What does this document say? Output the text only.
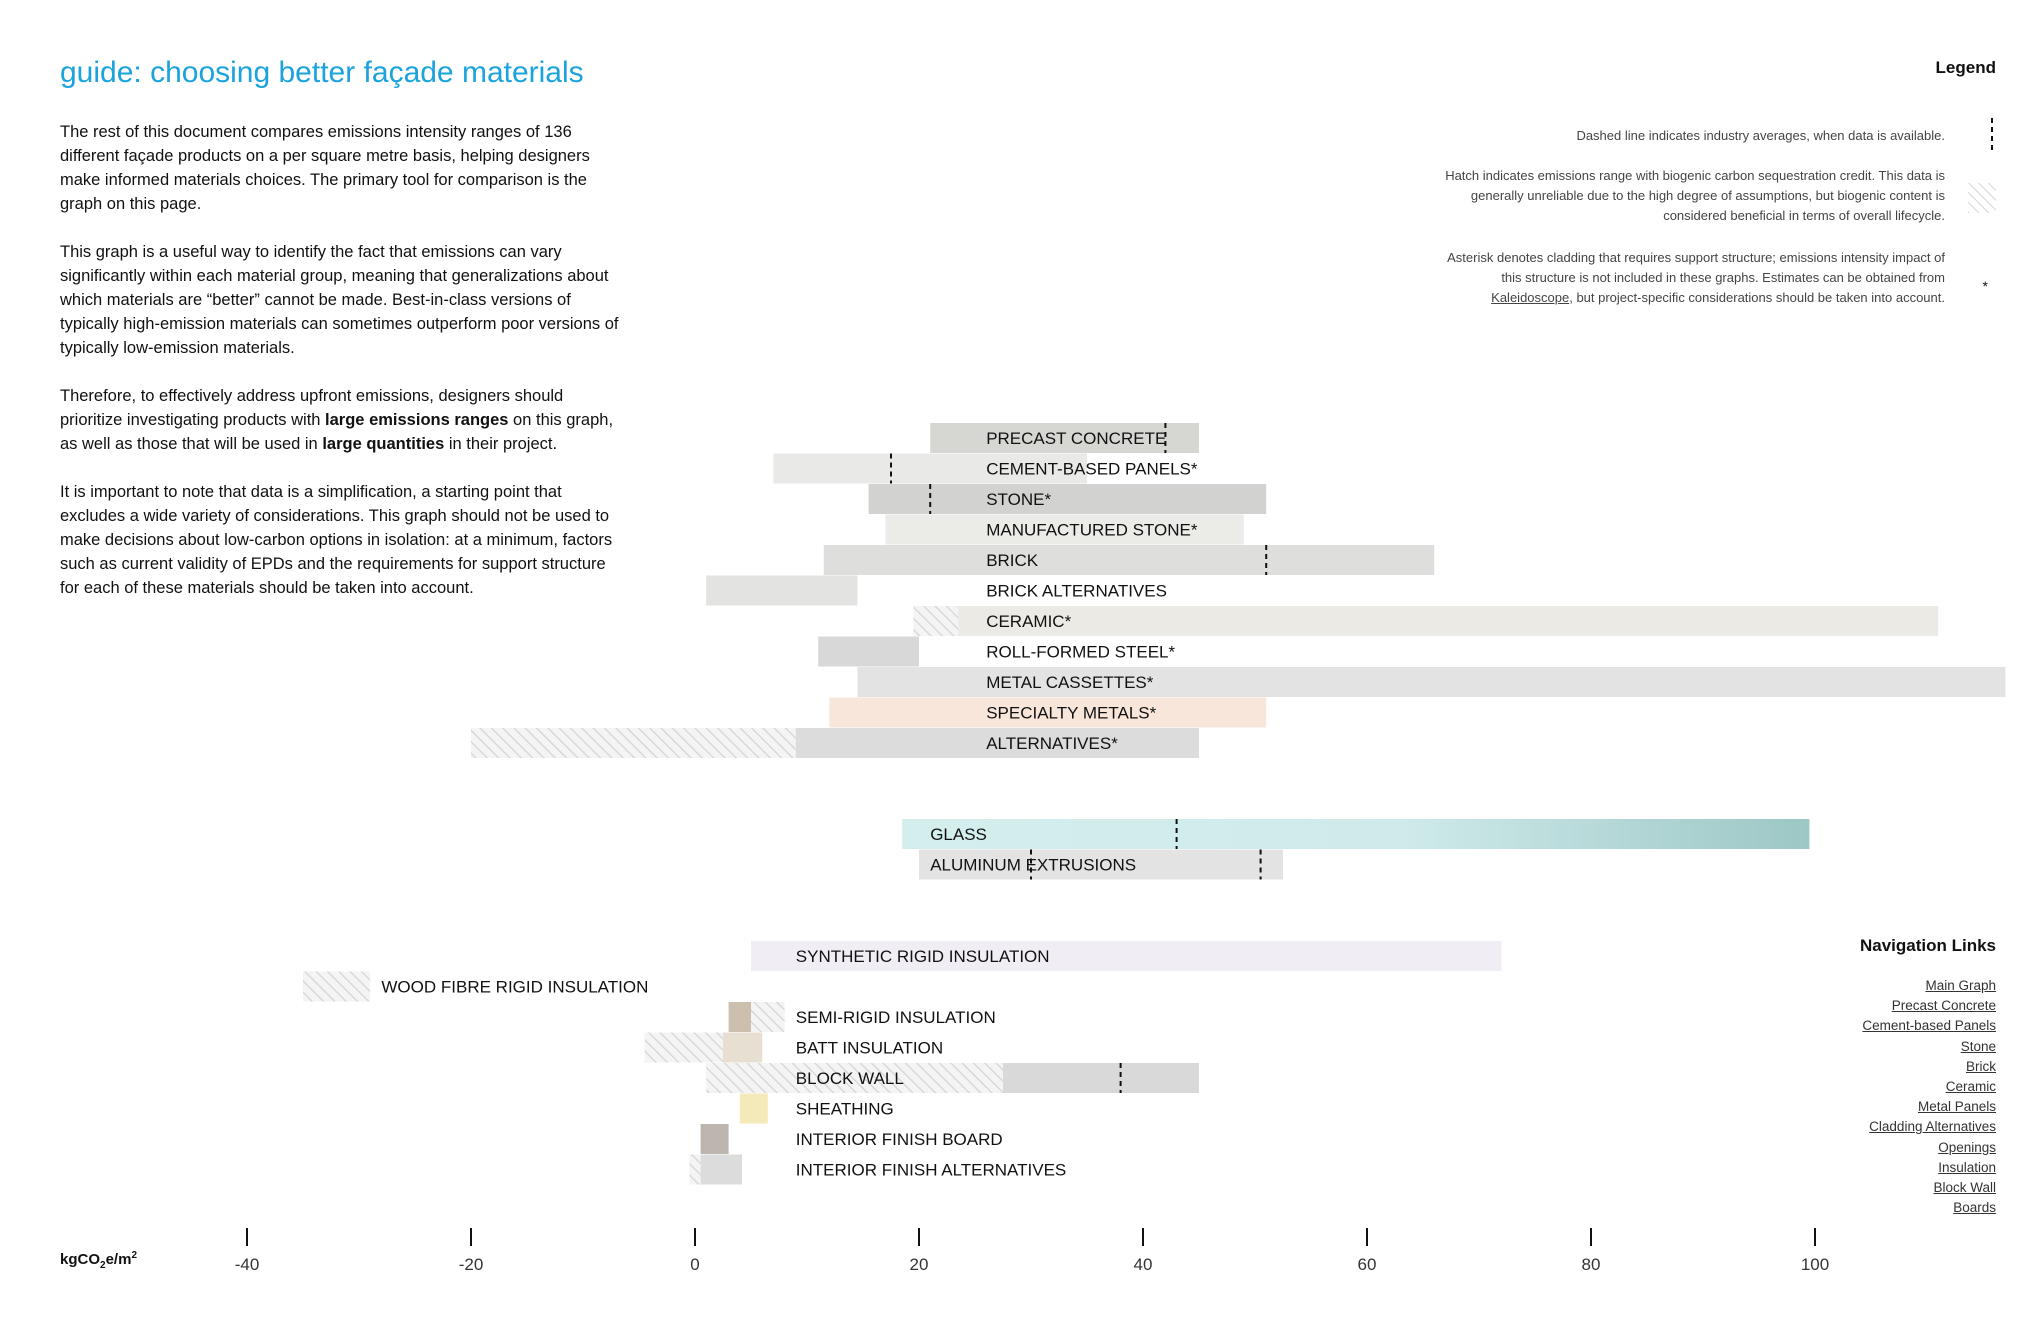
guide: choosing better façade materials

The rest of this document compares emissions intensity ranges of 136 different façade products on a per square metre basis, helping designers make informed materials choices. The primary tool for comparison is the graph on this page.

This graph is a useful way to identify the fact that emissions can vary significantly within each material group, meaning that generalizations about which materials are “better” cannot be made. Best-in-class versions of typically high-emission materials can sometimes outperform poor versions of typically low-emission materials.

Therefore, to effectively address upfront emissions, designers should prioritize investigating products with large emissions ranges on this graph, as well as those that will be used in large quantities in their project.

It is important to note that data is a simplification, a starting point that excludes a wide variety of considerations. This graph should not be used to make decisions about low-carbon options in isolation: at a minimum, factors such as current validity of EPDs and the requirements for support structure for each of these materials should be taken into account.

Legend
Dashed line indicates industry averages, when data is available.
Hatch indicates emissions range with biogenic carbon sequestration credit. This data is generally unreliable due to the high degree of assumptions, but biogenic content is considered beneficial in terms of overall lifecycle.
Asterisk denotes cladding that requires support structure; emissions intensity impact of this structure is not included in these graphs. Estimates can be obtained from Kaleidoscope, but project-specific considerations should be taken into account.
*
Navigation Links
Main Graph
Precast Concrete
Cement-based Panels
Stone
Brick
Ceramic
Metal Panels
Cladding Alternatives
Openings
Insulation
Block Wall
Boards
PRECAST CONCRETE
CEMENT-BASED PANELS*
STONE*
MANUFACTURED STONE*
BRICK
BRICK ALTERNATIVES
CERAMIC*
ROLL-FORMED STEEL*
METAL CASSETTES*
SPECIALTY METALS*
ALTERNATIVES*
GLASS
ALUMINUM EXTRUSIONS
SYNTHETIC RIGID INSULATION
WOOD FIBRE RIGID INSULATION
SEMI-RIGID INSULATION
BATT INSULATION
BLOCK WALL
SHEATHING
INTERIOR FINISH BOARD
INTERIOR FINISH ALTERNATIVES
-40	-20	0	20	40	60	80	100
$kgCO_2e/m^2$
